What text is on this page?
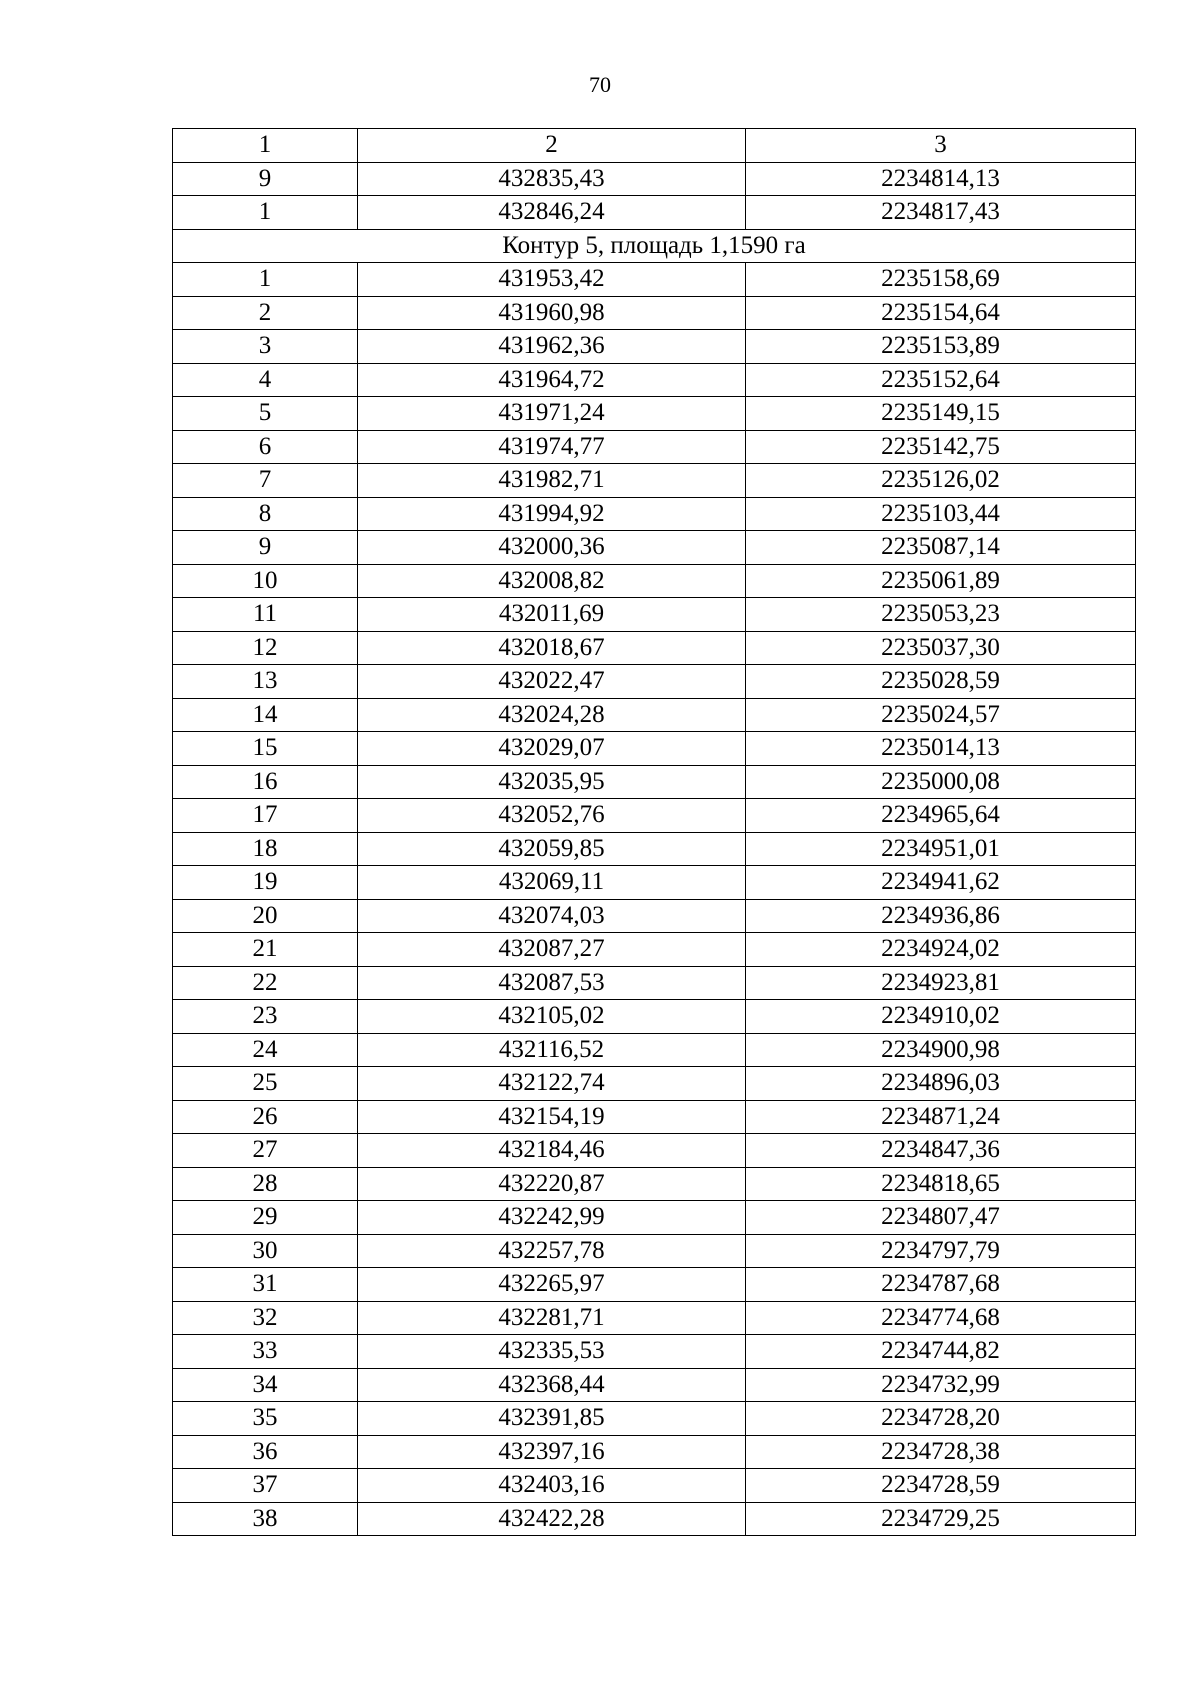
70
1	2	3
9	432835,43	2234814,13
1	432846,24	2234817,43
Контур 5, площадь 1,1590 га		
1	431953,42	2235158,69
2	431960,98	2235154,64
3	431962,36	2235153,89
4	431964,72	2235152,64
5	431971,24	2235149,15
6	431974,77	2235142,75
7	431982,71	2235126,02
8	431994,92	2235103,44
9	432000,36	2235087,14
10	432008,82	2235061,89
11	432011,69	2235053,23
12	432018,67	2235037,30
13	432022,47	2235028,59
14	432024,28	2235024,57
15	432029,07	2235014,13
16	432035,95	2235000,08
17	432052,76	2234965,64
18	432059,85	2234951,01
19	432069,11	2234941,62
20	432074,03	2234936,86
21	432087,27	2234924,02
22	432087,53	2234923,81
23	432105,02	2234910,02
24	432116,52	2234900,98
25	432122,74	2234896,03
26	432154,19	2234871,24
27	432184,46	2234847,36
28	432220,87	2234818,65
29	432242,99	2234807,47
30	432257,78	2234797,79
31	432265,97	2234787,68
32	432281,71	2234774,68
33	432335,53	2234744,82
34	432368,44	2234732,99
35	432391,85	2234728,20
36	432397,16	2234728,38
37	432403,16	2234728,59
38	432422,28	2234729,25
